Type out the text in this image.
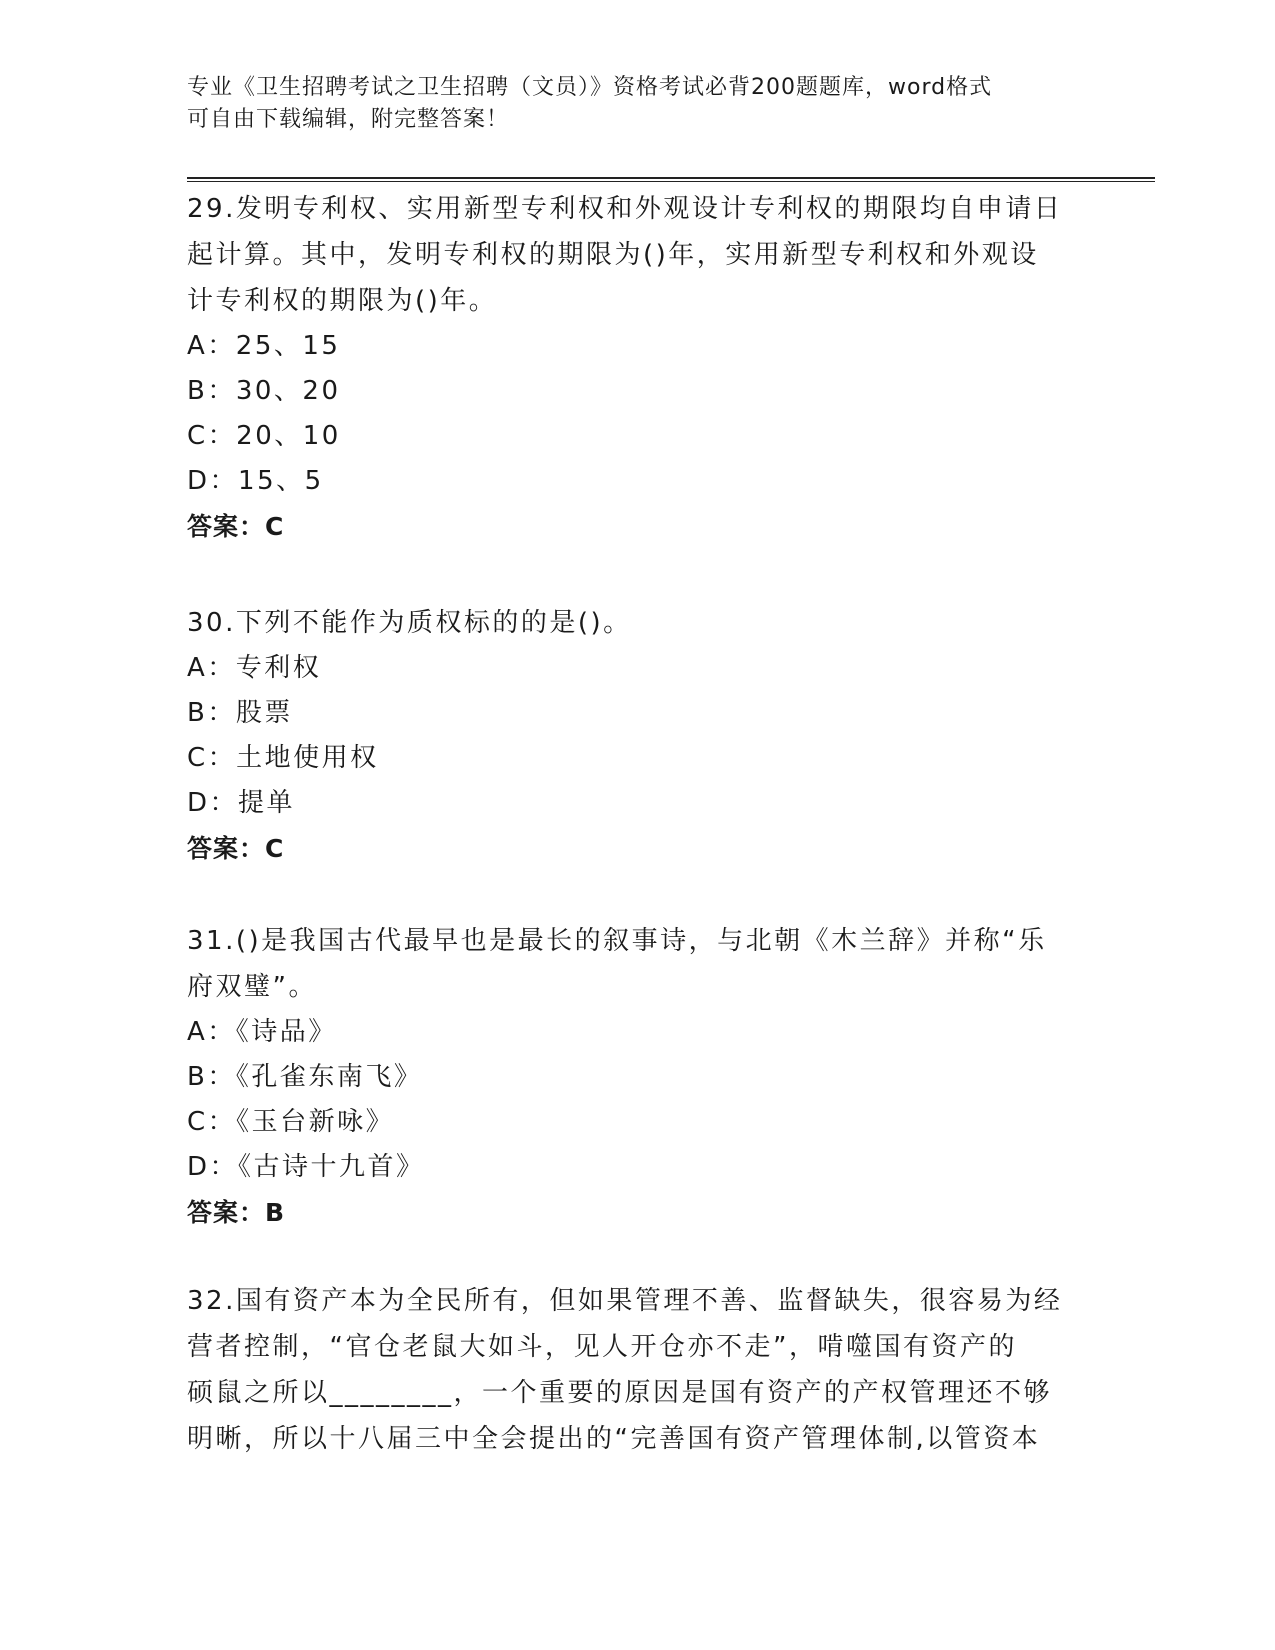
专业《卫生招聘考试之卫生招聘（文员）》资格考试必背200题题库，word格式
可自由下载编辑，附完整答案！
29.发明专利权、实用新型专利权和外观设计专利权的期限均自申请日
起计算。其中，发明专利权的期限为()年，实用新型专利权和外观设
计专利权的期限为()年。
A：25、15
B：30、20
C：20、10
D：15、5
答案：C
30.下列不能作为质权标的的是()。
A：专利权
B：股票
C：土地使用权
D：提单
答案：C
31.()是我国古代最早也是最长的叙事诗，与北朝《木兰辞》并称“乐
府双璧”。
A：《诗品》
B：《孔雀东南飞》
C：《玉台新咏》
D：《古诗十九首》
答案：B
32.国有资产本为全民所有，但如果管理不善、监督缺失，很容易为经
营者控制，“官仓老鼠大如斗，见人开仓亦不走”，啃噬国有资产的
硕鼠之所以________，一个重要的原因是国有资产的产权管理还不够
明晰，所以十八届三中全会提出的“完善国有资产管理体制,以管资本
